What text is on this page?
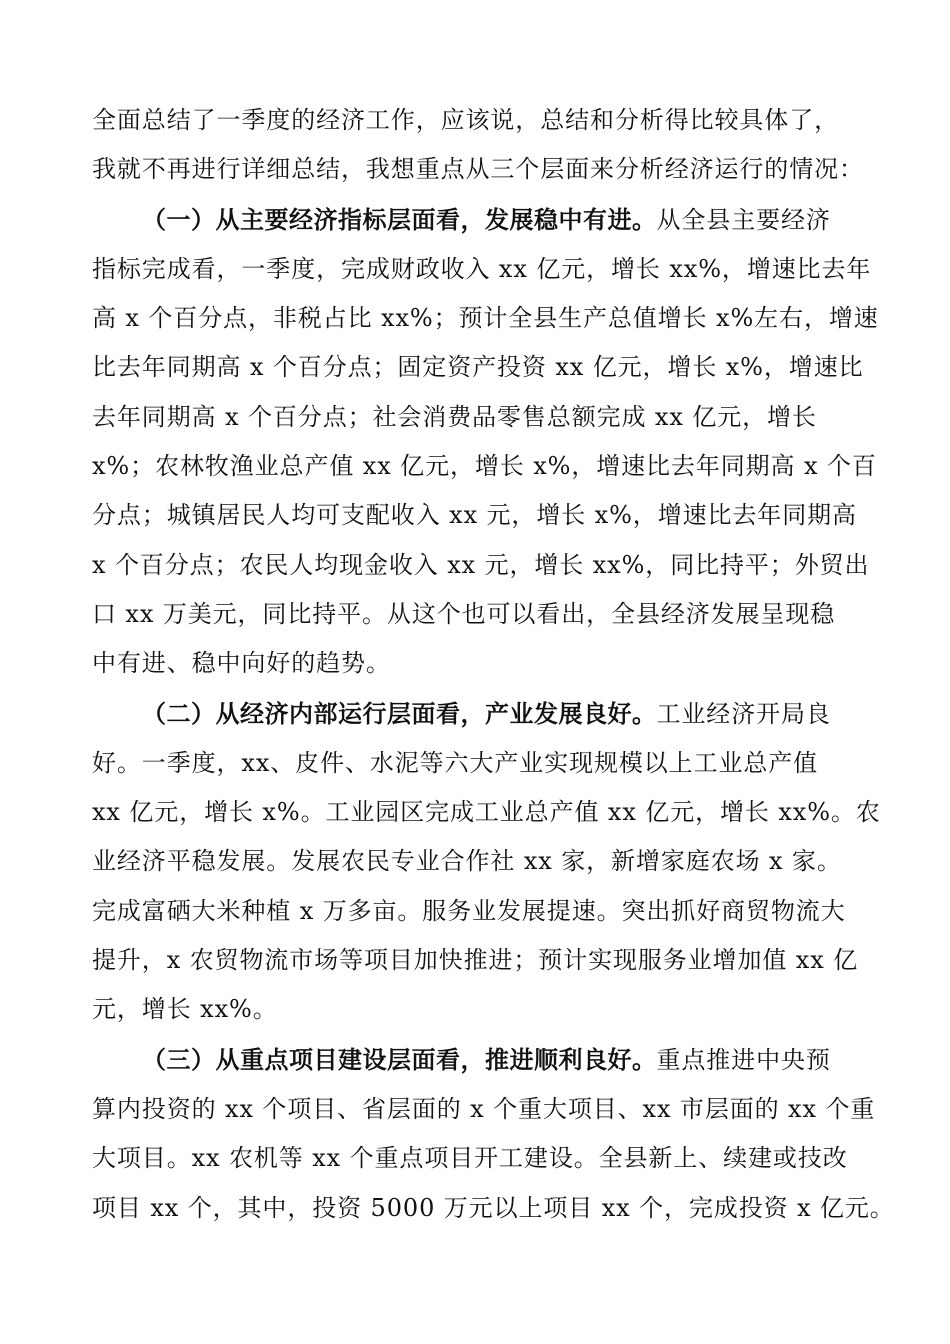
全面总结了一季度的经济工作，应该说，总结和分析得比较具体了，
我就不再进行详细总结，我想重点从三个层面来分析经济运行的情况：

（一）从主要经济指标层面看，发展稳中有进。从全县主要经济
指标完成看，一季度，完成财政收入 xx 亿元，增长 xx%，增速比去年
高 x 个百分点，非税占比 xx%；预计全县生产总值增长 x%左右，增速
比去年同期高 x 个百分点；固定资产投资 xx 亿元，增长 x%，增速比
去年同期高 x 个百分点；社会消费品零售总额完成 xx 亿元，增长
x%；农林牧渔业总产值 xx 亿元，增长 x%，增速比去年同期高 x 个百
分点；城镇居民人均可支配收入 xx 元，增长 x%，增速比去年同期高
x 个百分点；农民人均现金收入 xx 元，增长 xx%，同比持平；外贸出
口 xx 万美元，同比持平。从这个也可以看出，全县经济发展呈现稳
中有进、稳中向好的趋势。

（二）从经济内部运行层面看，产业发展良好。工业经济开局良
好。一季度，xx、皮件、水泥等六大产业实现规模以上工业总产值
xx 亿元，增长 x%。工业园区完成工业总产值 xx 亿元，增长 xx%。农
业经济平稳发展。发展农民专业合作社 xx 家，新增家庭农场 x 家。
完成富硒大米种植 x 万多亩。服务业发展提速。突出抓好商贸物流大
提升，x 农贸物流市场等项目加快推进；预计实现服务业增加值 xx 亿
元，增长 xx%。

（三）从重点项目建设层面看，推进顺利良好。重点推进中央预
算内投资的 xx 个项目、省层面的 x 个重大项目、xx 市层面的 xx 个重
大项目。xx 农机等 xx 个重点项目开工建设。全县新上、续建或技改
项目 xx 个，其中，投资 5000 万元以上项目 xx 个，完成投资 x 亿元。
